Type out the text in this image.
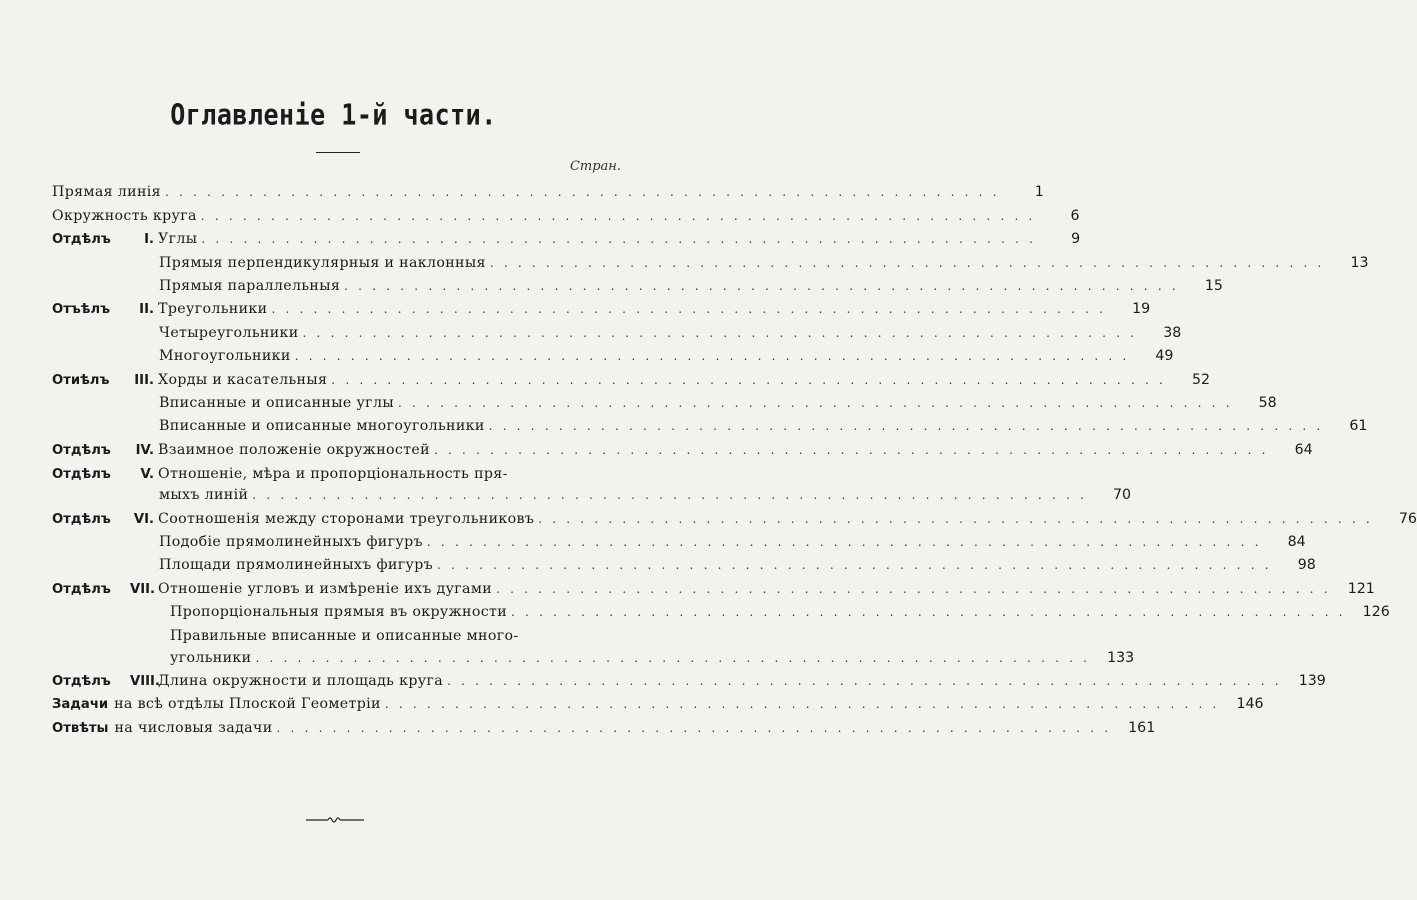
Оглавленіе 1-й части.
Стран.
Прямая линія . . . . . . . . . . . . . . . . . . . . . . . . . . . . . . . . . . . . . . . . . . . . . . . . . . . . . . . . . . . .	1
Окружность круга . . . . . . . . . . . . . . . . . . . . . . . . . . . . . . . . . . . . . . . . . . . . . . . . . . . . . . . . . . . .	6
Отдѣлъ	I. Углы . . . . . . . . . . . . . . . . . . . . . . . . . . . . . . . . . . . . . . . . . . . . . . . . . . . . . . . . . . . .	9
Прямыя перпендикулярныя и наклонныя . . . . . . . . . . . . . . . . . . . . . . . . . . . . . . . . . . . . . . . . . . . . . . . . . . . . . . . . . . . .	13
Прямыя параллельныя . . . . . . . . . . . . . . . . . . . . . . . . . . . . . . . . . . . . . . . . . . . . . . . . . . . . . . . . . . . .	15
Отъѣлъ II. Треугольники . . . . . . . . . . . . . . . . . . . . . . . . . . . . . . . . . . . . . . . . . . . . . . . . . . . . . . . . . . . .	19
Четыреугольники . . . . . . . . . . . . . . . . . . . . . . . . . . . . . . . . . . . . . . . . . . . . . . . . . . . . . . . . . . . .	38
Многоугольники . . . . . . . . . . . . . . . . . . . . . . . . . . . . . . . . . . . . . . . . . . . . . . . . . . . . . . . . . . . .	49
Отиѣлъ III. Хорды и касательныя . . . . . . . . . . . . . . . . . . . . . . . . . . . . . . . . . . . . . . . . . . . . . . . . . . . . . . . . . . . .	52
Вписанные и описанные углы . . . . . . . . . . . . . . . . . . . . . . . . . . . . . . . . . . . . . . . . . . . . . . . . . . . . . . . . . . . .	58
Вписанные и описанные многоугольники . . . . . . . . . . . . . . . . . . . . . . . . . . . . . . . . . . . . . . . . . . . . . . . . . . . . . . . . . . . .	61
Отдѣлъ IV. Взаимное положеніе окружностей . . . . . . . . . . . . . . . . . . . . . . . . . . . . . . . . . . . . . . . . . . . . . . . . . . . . . . . . . . . .	64
Отдѣлъ V. Отношеніе, мѣра и пропорціональность пря-
мыхъ линій . . . . . . . . . . . . . . . . . . . . . . . . . . . . . . . . . . . . . . . . . . . . . . . . . . . . . . . . . . . .	70
Отдѣлъ VI. Соотношенія между сторонами треугольниковъ . . . . . . . . . . . . . . . . . . . . . . . . . . . . . . . . . . . . . . . . . . . . . . . . . . . . . . . . . . . .	76
Подобіе прямолинейныхъ фигуръ . . . . . . . . . . . . . . . . . . . . . . . . . . . . . . . . . . . . . . . . . . . . . . . . . . . . . . . . . . . .	84
Площади прямолинейныхъ фигуръ . . . . . . . . . . . . . . . . . . . . . . . . . . . . . . . . . . . . . . . . . . . . . . . . . . . . . . . . . . . .	98
Отдѣлъ VII. Отношеніе угловъ и измѣреніе ихъ дугами . . . . . . . . . . . . . . . . . . . . . . . . . . . . . . . . . . . . . . . . . . . . . . . . . . . . . . . . . . . .	121
Пропорціональныя прямыя въ окружности . . . . . . . . . . . . . . . . . . . . . . . . . . . . . . . . . . . . . . . . . . . . . . . . . . . . . . . . . . . .	126
Правильные вписанные и описанные много-
угольники . . . . . . . . . . . . . . . . . . . . . . . . . . . . . . . . . . . . . . . . . . . . . . . . . . . . . . . . . . . .	133
Отдѣлъ VIII.
Длина окружности и площадь круга . . . . . . . . . . . . . . . . . . . . . . . . . . . . . . . . . . . . . . . . . . . . . . . . . . . . . . . . . . . .	139
Задачи на всѣ отдѣлы Плоской Геометріи . . . . . . . . . . . . . . . . . . . . . . . . . . . . . . . . . . . . . . . . . . . . . . . . . . . . . . . . . . . .	146
Отвѣты на числовыя задачи . . . . . . . . . . . . . . . . . . . . . . . . . . . . . . . . . . . . . . . . . . . . . . . . . . . . . . . . . . . .	161
